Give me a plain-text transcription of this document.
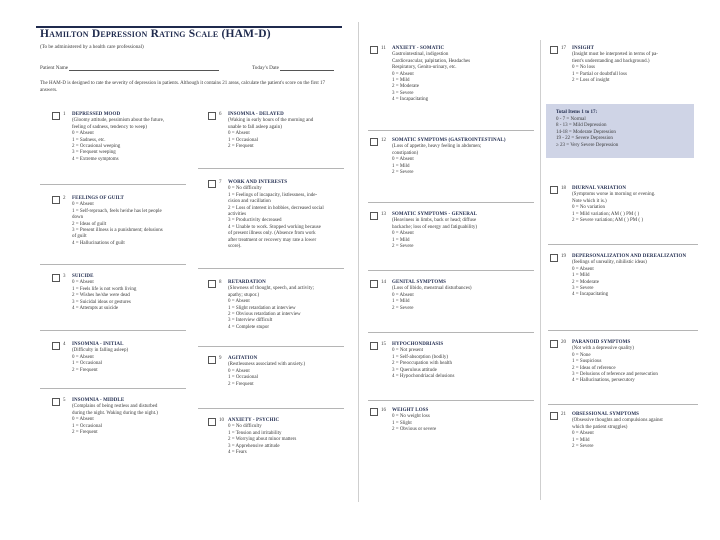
Hamilton Depression Rating Scale (HAM-D)
(To be administered by a health care professional)
Patient Name	Today's Date
The HAM-D is designed to rate the severity of depression in patients. Although it contains 21 areas, calculate the patient's score on the first 17 answers.
1 DEPRESSED MOOD
(Gloomy attitude, pessimism about the future,
feeling of sadness, tendency to weep)
0 = Absent
1 = Sadness, etc.
2 = Occasional weeping
3 = Frequent weeping
4 = Extreme symptoms
2 FEELINGS OF GUILT
0 = Absent
1 = Self-reproach, feels he/she has let people
down
2 = Ideas of guilt
3 = Present illness is a punishment; delusions
of guilt
4 = Hallucinations of guilt
3 SUICIDE
0 = Absent
1 = Feels life is not worth living
2 = Wishes he/she were dead
3 = Suicidal ideas or gestures
4 = Attempts at suicide
4 INSOMNIA - INITIAL
(Difficulty in falling asleep)
0 = Absent
1 = Occasional
2 = Frequent
5 INSOMNIA - MIDDLE
(Complains of being restless and disturbed
during the night. Waking during the night.)
0 = Absent
1 = Occasional
2 = Frequent
6 INSOMNIA - DELAYED
(Waking in early hours of the morning and
unable to fall asleep again)
0 = Absent
1 = Occasional
2 = Frequent
7 WORK AND INTERESTS
0 = No difficulty
1 = Feelings of incapacity, listlessness, inde-
cision and vacillation
2 = Loss of interest in hobbies, decreased social
activities
3 = Productivity decreased
4 = Unable to work. Stopped working because
of present illness only. (Absence from work
after treatment or recovery may rate a lower
score).
8 RETARDATION
(Slowness of thought, speech, and activity;
apathy; stupor.)
0 = Absent
1 = Slight retardation at interview
2 = Obvious retardation at interview
3 = Interview difficult
4 = Complete stupor
9 AGITATION
(Restlessness associated with anxiety.)
0 = Absent
1 = Occasional
2 = Frequent
10 ANXIETY - PSYCHIC
0 = No difficulty
1 = Tension and irritability
2 = Worrying about minor matters
3 = Apprehensive attitude
4 = Fears
11 ANXIETY - SOMATIC
Gastrointestinal, indigestion
Cardiovascular, palpitation, Headaches
Respiratory, Genito-urinary, etc.
0 = Absent
1 = Mild
2 = Moderate
3 = Severe
4 = Incapacitating
12 SOMATIC SYMPTOMS (GASTROINTESTINAL)
(Loss of appetite, heavy feeling in abdomen;
constipation)
0 = Absent
1 = Mild
2 = Severe
13 SOMATIC SYMPTOMS - GENERAL
(Heaviness in limbs, back or head; diffuse
backache; loss of energy and fatiguability)
0 = Absent
1 = Mild
2 = Severe
14 GENITAL SYMPTOMS
(Loss of libido, menstrual disturbances)
0 = Absent
1 = Mild
2 = Severe
15 HYPOCHONDRIASIS
0 = Not present
1 = Self-absorption (bodily)
2 = Preoccupation with health
3 = Querulous attitude
4 = Hypochondriacal delusions
16 WEIGHT LOSS
0 = No weight loss
1 = Slight
2 = Obvious or severe
17 INSIGHT
(Insight must be interpreted in terms of pa-
tient's understanding and background.)
0 = No loss
1 = Partial or doubtfull loss
2 = Loss of insight
Total Items 1 to 17:
0 - 7 = Normal
8 - 13 = Mild Depression
14-18 = Moderate Depression
19 - 22 = Severe Depression
≥ 23 = Very Severe Depression
18 DIURNAL VARIATION
(Symptoms worse in morning or evening.
Note which it is.)
0 = No variation
1 = Mild variation; AM ( ) PM ( )
2 = Severe variation; AM ( ) PM ( )
19 DEPERSONALIZATION AND DEREALIZATION
(feelings of unreality, nihilistic ideas)
0 = Absent
1 = Mild
2 = Moderate
3 = Severe
4 = Incapacitating
20 PARANOID SYMPTOMS
(Not with a depressive quality)
0 = None
1 = Suspicious
2 = Ideas of reference
3 = Delusions of reference and persecution
4 = Hallucinations, persecutory
21 OBSESSIONAL SYMPTOMS
(Obsessive thoughts and compulsions against
which the patient struggles)
0 = Absent
1 = Mild
2 = Severe
